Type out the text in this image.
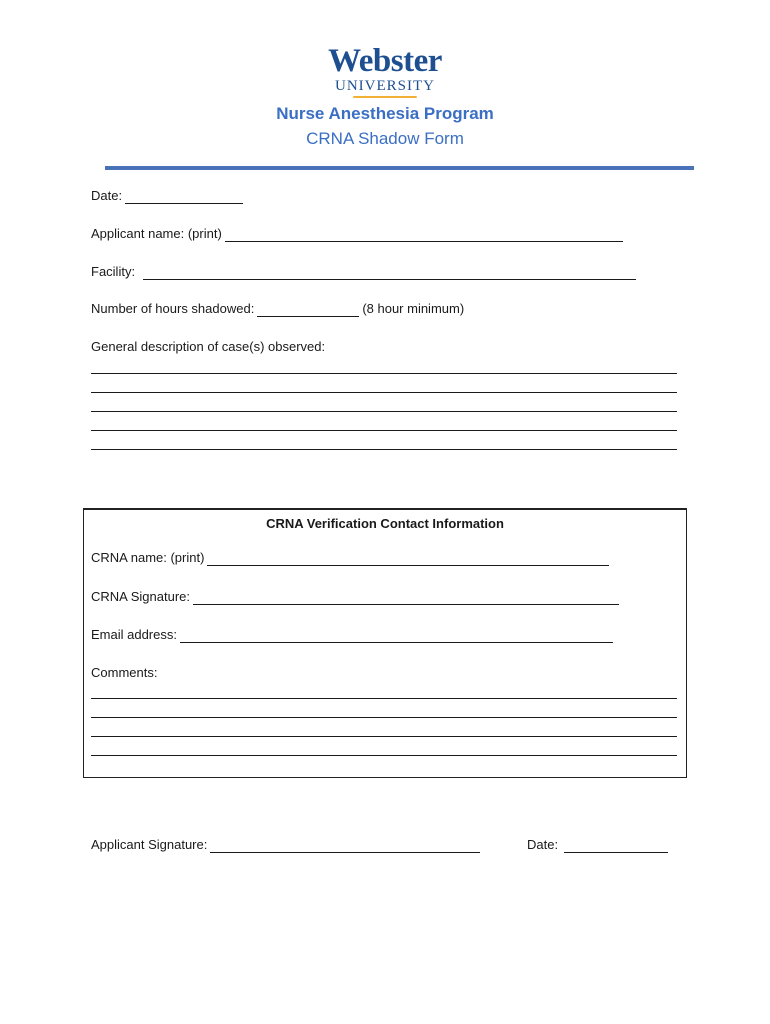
Webster
UNIVERSITY
Nurse Anesthesia Program
CRNA Shadow Form
Date:
Applicant name: (print)
Facility:
Number of hours shadowed:	(8 hour minimum)
General description of case(s) observed:
CRNA Verification Contact Information
CRNA name: (print)
CRNA Signature:
Email address:
Comments:
Applicant Signature:	Date:
